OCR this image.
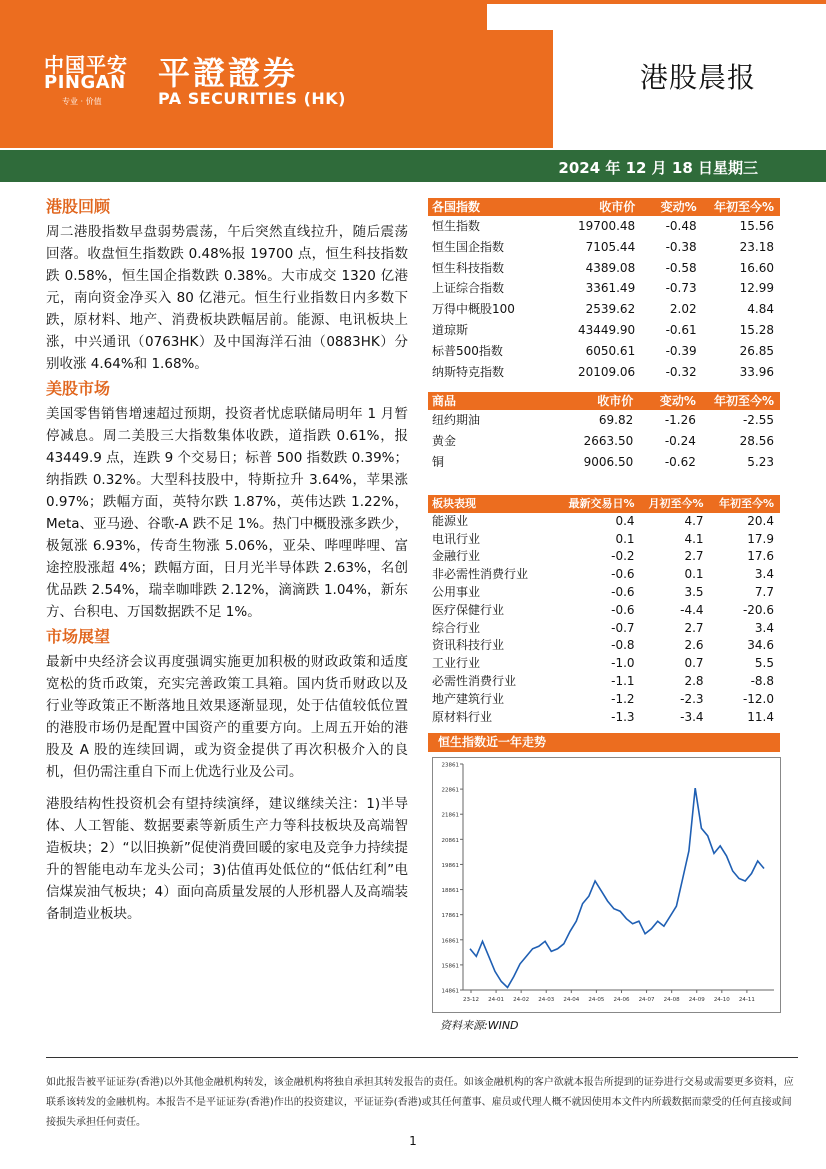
港股晨报
中国平安
PINGAN
专业 · 价值
平證證券
PA SECURITIES (HK)
2024 年 12 月 18 日星期三
港股回顾

周二港股指数早盘弱势震荡，午后突然直线拉升，随后震荡回落。收盘恒生指数跌 0.48%报 19700 点，恒生科技指数跌 0.58%，恒生国企指数跌 0.38%。大市成交 1320 亿港元，南向资金净买入 80 亿港元。恒生行业指数日内多数下跌，原材料、地产、消费板块跌幅居前。能源、电讯板块上涨，中兴通讯（0763HK）及中国海洋石油（0883HK）分别收涨 4.64%和 1.68%。

美股市场

美国零售销售增速超过预期，投资者忧虑联储局明年 1 月暂停减息。周二美股三大指数集体收跌，道指跌 0.61%，报 43449.9 点，连跌 9 个交易日；标普 500 指数跌 0.39%；纳指跌 0.32%。大型科技股中，特斯拉升 3.64%，苹果涨 0.97%；跌幅方面，英特尔跌 1.87%，英伟达跌 1.22%，Meta、亚马逊、谷歌-A 跌不足 1%。热门中概股涨多跌少，极氪涨 6.93%，传奇生物涨 5.06%，亚朵、哔哩哔哩、富途控股涨超 4%；跌幅方面，日月光半导体跌 2.63%，名创优品跌 2.54%，瑞幸咖啡跌 2.12%，滴滴跌 1.04%，新东方、台积电、万国数据跌不足 1%。

市场展望

最新中央经济会议再度强调实施更加积极的财政政策和适度宽松的货币政策，充实完善政策工具箱。国内货币财政以及行业等政策正不断落地且效果逐渐显现，处于估值较低位置的港股市场仍是配置中国资产的重要方向。上周五开始的港股及 A 股的连续回调，或为资金提供了再次积极介入的良机，但仍需注重自下而上优选行业及公司。

港股结构性投资机会有望持续演绎，建议继续关注：1)半导体、人工智能、数据要素等新质生产力等科技板块及高端智造板块；2）“以旧换新”促使消费回暖的家电及竞争力持续提升的智能电动车龙头公司；3)估值再处低位的“低估红利”电信煤炭油气板块；4）面向高质量发展的人形机器人及高端装备制造业板块。

各国指数	收市价	变动%	年初至今%
恒生指数	19700.48	-0.48	15.56
恒生国企指数	7105.44	-0.38	23.18
恒生科技指数	4389.08	-0.58	16.60
上证综合指数	3361.49	-0.73	12.99
万得中概股100	2539.62	2.02	4.84
道琼斯	43449.90	-0.61	15.28
标普500指数	6050.61	-0.39	26.85
纳斯特克指数	20109.06	-0.32	33.96
商品	收市价	变动%	年初至今%
纽约期油	69.82	-1.26	-2.55
黄金	2663.50	-0.24	28.56
铜	9006.50	-0.62	5.23
板块表现	最新交易日%	月初至今%	年初至今%
能源业	0.4	4.7	20.4
电讯行业	0.1	4.1	17.9
金融行业	-0.2	2.7	17.6
非必需性消费行业	-0.6	0.1	3.4
公用事业	-0.6	3.5	7.7
医疗保健行业	-0.6	-4.4	-20.6
综合行业	-0.7	2.7	3.4
资讯科技行业	-0.8	2.6	34.6
工业行业	-1.0	0.7	5.5
必需性消费行业	-1.1	2.8	-8.8
地产建筑行业	-1.2	-2.3	-12.0
原材料行业	-1.3	-3.4	11.4
恒生指数近一年走势
14861
15861
16861
17861
18861
19861
20861
21861
22861
23861
23-12 24-01 24-02 24-03 24-04 24-05 24-06 24-07 24-08 24-09 24-10 24-11
资料来源:WIND
如此报告被平证证券(香港)以外其他金融机构转发，该金融机构将独自承担其转发报告的责任。如该金融机构的客户欲就本报告所提到的证券进行交易或需要更多资料，应联系该转发的金融机构。本报告不是平证证券(香港)作出的投资建议，平证证券(香港)或其任何董事、雇员或代理人概不就因使用本文件内所载数据而蒙受的任何直接或间接损失承担任何责任。
1
